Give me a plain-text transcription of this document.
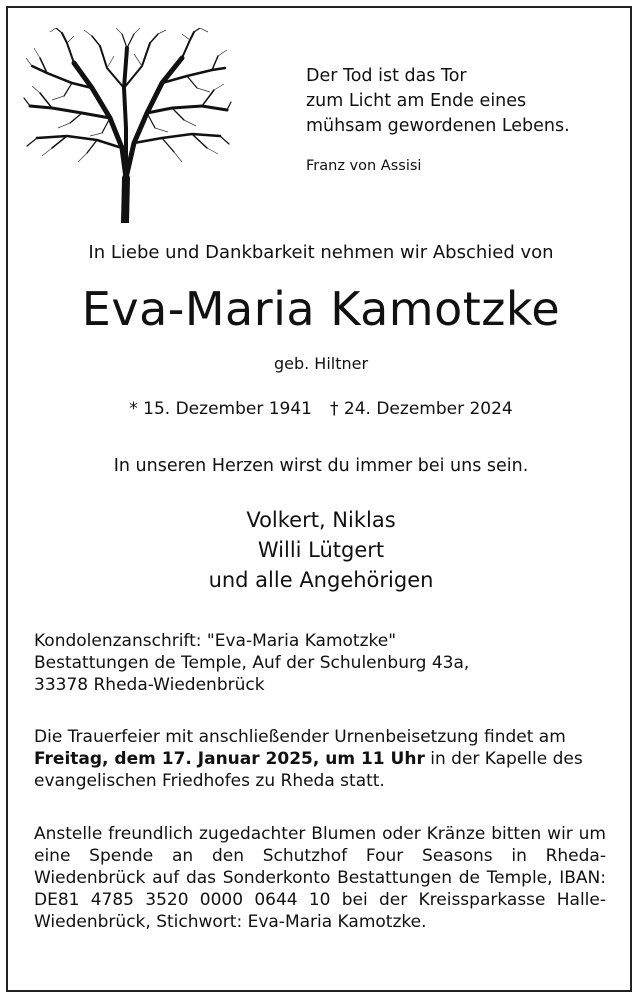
Der Tod ist das Tor
zum Licht am Ende eines
mühsam gewordenen Lebens.
Franz von Assisi
In Liebe und Dankbarkeit nehmen wir Abschied von
Eva-Maria Kamotzke
geb. Hiltner
* 15. Dezember 1941 † 24. Dezember 2024
In unseren Herzen wirst du immer bei uns sein.
Volkert, Niklas
Willi Lütgert
und alle Angehörigen
Kondolenzanschrift: "Eva-Maria Kamotzke"
Bestattungen de Temple, Auf der Schulenburg 43a,
33378 Rheda-Wiedenbrück
Die Trauerfeier mit anschließender Urnenbeisetzung findet am Freitag, dem 17. Januar 2025, um 11 Uhr in der Kapelle des evangelischen Friedhofes zu Rheda statt.
Anstelle freundlich zugedachter Blumen oder Kränze bitten wir um eine Spende an den Schutzhof Four Seasons in Rheda-Wiedenbrück auf das Sonderkonto Bestattungen de Temple, IBAN: DE81 4785 3520 0000 0644 10 bei der Kreissparkasse Halle-Wiedenbrück, Stichwort: Eva-Maria Kamotzke.
